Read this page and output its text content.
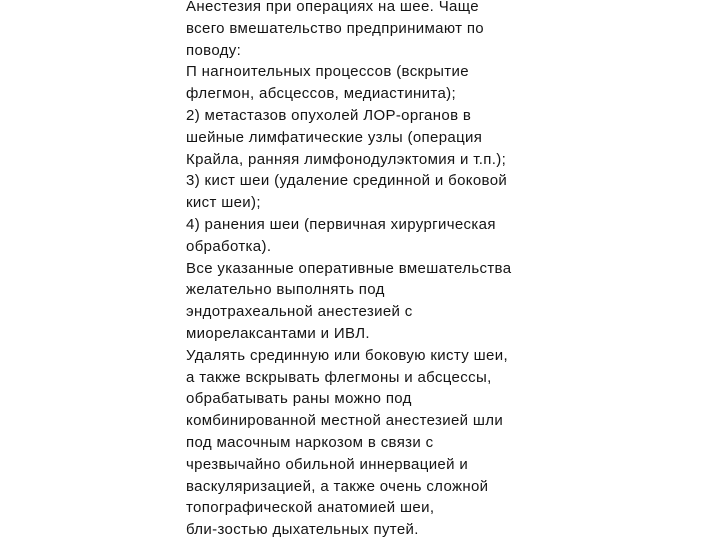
Анестезия при операциях на шее. Чаще
всего вмешательство предпринимают по
поводу:
П нагноительных процессов (вскрытие
флегмон, абсцессов, медиастинита);
2) метастазов опухолей ЛОР-органов в
шейные лимфатические узлы (операция
Крайла, ранняя лимфонодулэктомия и т.п.);
3) кист шеи (удаление срединной и боковой
кист шеи);
4) ранения шеи (первичная хирургическая
обработка).
Все указанные оперативные вмешательства
желательно выполнять под
эндотрахеальной анестезией с
миорелаксантами и ИВЛ.
Удалять срединную или боковую кисту шеи,
а также вскрывать флегмоны и абсцессы,
обрабатывать раны можно под
комбинированной местной анестезией шли
под масочным наркозом в связи с
чрезвычайно обильной иннервацией и
васкуляризацией, а также очень сложной
топографической анатомией шеи,
бли-зостью дыхательных путей.
